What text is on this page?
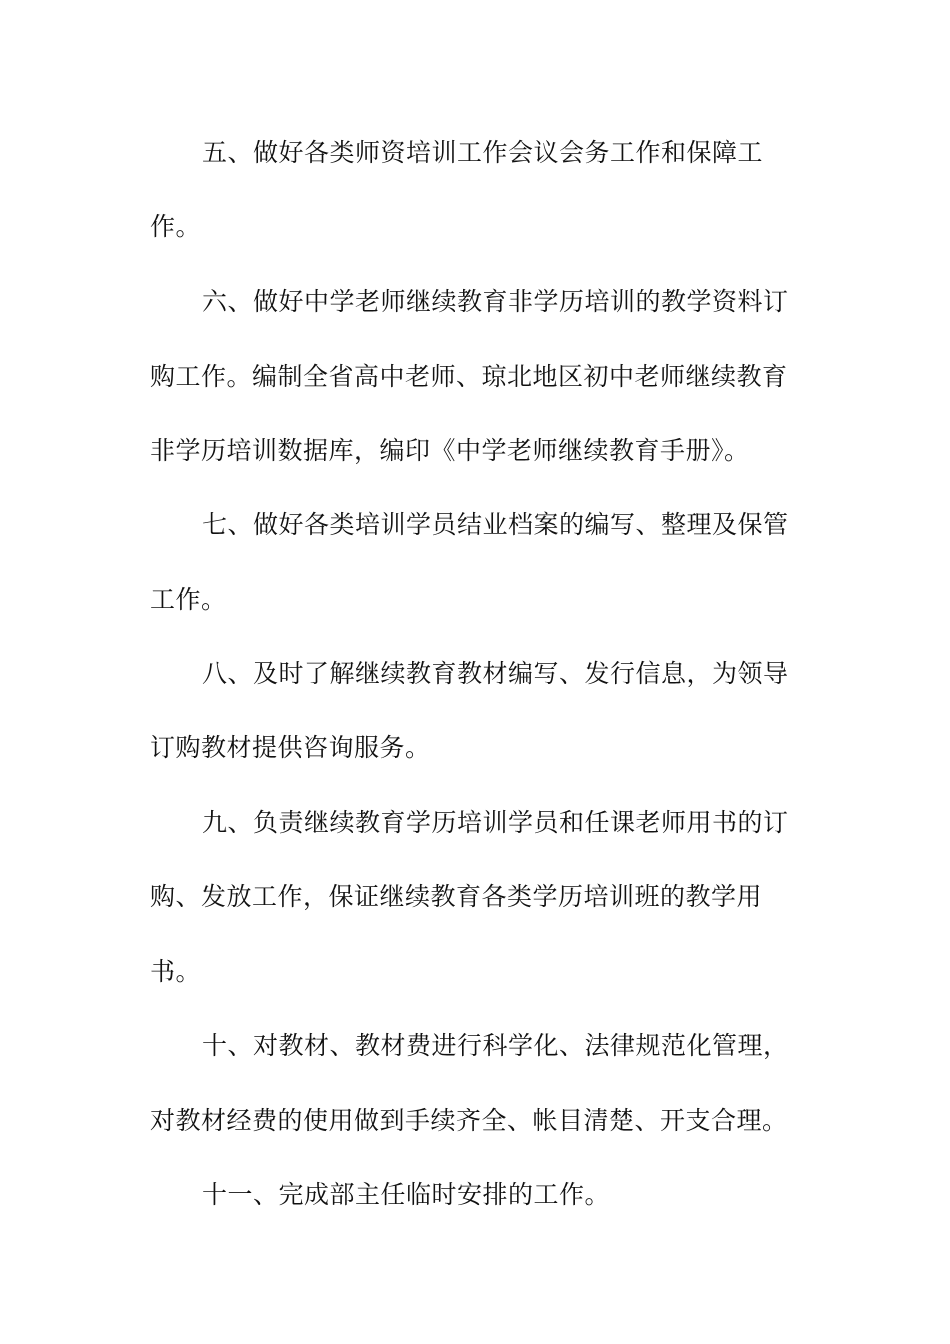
五、做好各类师资培训工作会议会务工作和保障工
作。
六、做好中学老师继续教育非学历培训的教学资料订
购工作。编制全省高中老师、琼北地区初中老师继续教育
非学历培训数据库，编印《中学老师继续教育手册》。
七、做好各类培训学员结业档案的编写、整理及保管
工作。
八、及时了解继续教育教材编写、发行信息，为领导
订购教材提供咨询服务。
九、负责继续教育学历培训学员和任课老师用书的订
购、发放工作，保证继续教育各类学历培训班的教学用
书。
十、对教材、教材费进行科学化、法律规范化管理，
对教材经费的使用做到手续齐全、帐目清楚、开支合理。
十一、完成部主任临时安排的工作。
